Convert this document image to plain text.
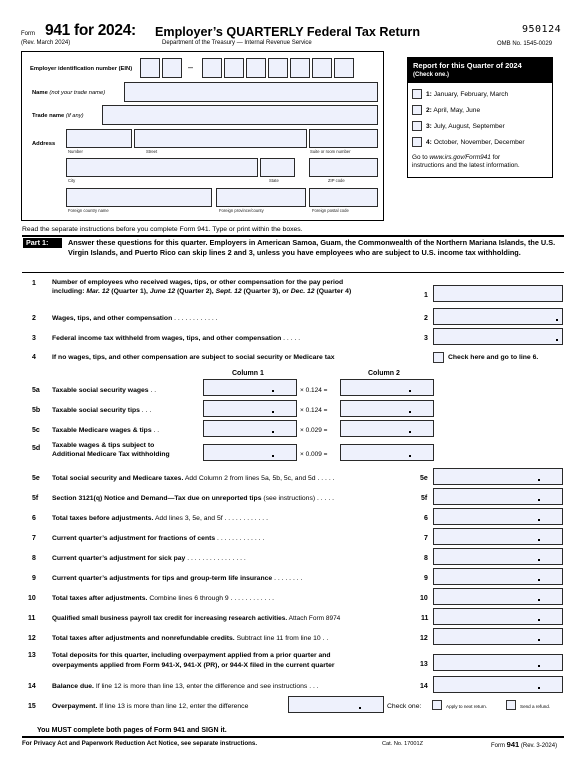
Form 941 for 2024: Employer’s QUARTERLY Federal Tax Return
(Rev. March 2024)	Department of the Treasury — Internal Revenue Service
950124
OMB No. 1545-0029
Employer identification number (EIN)	–
Name (not your trade name)
Trade name (if any)
Address
Number	Street	Suite or room number
City	State	ZIP code
Foreign country name	Foreign province/county	Foreign postal code
Report for this Quarter of 2024
(Check one.)
1: January, February, March
2: April, May, June
3: July, August, September
4: October, November, December
Go to www.irs.gov/Form941 for
instructions and the latest information.
Read the separate instructions before you complete Form 941. Type or print within the boxes.
Part 1:	Answer these questions for this quarter. Employers in American Samoa, Guam, the Commonwealth of the Northern Mariana Islands, the U.S. Virgin Islands, and Puerto Rico can skip lines 2 and 3, unless you have employees who are subject to U.S. income tax withholding.
1 Number of employees who received wages, tips, or other compensation for the pay period
including: Mar. 12 (Quarter 1), June 12 (Quarter 2), Sept. 12 (Quarter 3), or Dec. 12 (Quarter 4)
1
2 Wages, tips, and other compensation . . . . . . . . . . . .	2
3 Federal income tax withheld from wages, tips, and other compensation . . . . .	3
4 If no wages, tips, and other compensation are subject to social security or Medicare tax	Check here and go to line 6.
Column 1	Column 2
5a Taxable social security wages . .	× 0.124 =
5b Taxable social security tips . . .	× 0.124 =
5c Taxable Medicare wages & tips . .	× 0.029 =
5d Taxable wages & tips subject to
Additional Medicare Tax withholding	× 0.009 =
5e Total social security and Medicare taxes. Add Column 2 from lines 5a, 5b, 5c, and 5d . . . . .	5e
5f Section 3121(q) Notice and Demand—Tax due on unreported tips (see instructions) . . . . .	5f
6 Total taxes before adjustments. Add lines 3, 5e, and 5f . . . . . . . . . . . .	6
7 Current quarter’s adjustment for fractions of cents . . . . . . . . . . . . .	7
8 Current quarter’s adjustment for sick pay . . . . . . . . . . . . . . . .	8
9 Current quarter’s adjustments for tips and group-term life insurance . . . . . . . .	9
10 Total taxes after adjustments. Combine lines 6 through 9 . . . . . . . . . . . .	10
11	Qualified small business payroll tax credit for increasing research activities. Attach Form 8974	11
12 Total taxes after adjustments and nonrefundable credits. Subtract line 11 from line 10 . .	12
13 Total deposits for this quarter, including overpayment applied from a prior quarter and
overpayments applied from Form 941-X, 941-X (PR), or 944-X filed in the current quarter	13
14 Balance due. If line 12 is more than line 13, enter the difference and see instructions . . .	14
15 Overpayment. If line 13 is more than line 12, enter the difference	Check one:	Apply to next return.	Send a refund.
You MUST complete both pages of Form 941 and SIGN it.
For Privacy Act and Paperwork Reduction Act Notice, see separate instructions.	Cat. No. 17001Z	Form 941 (Rev. 3-2024)
